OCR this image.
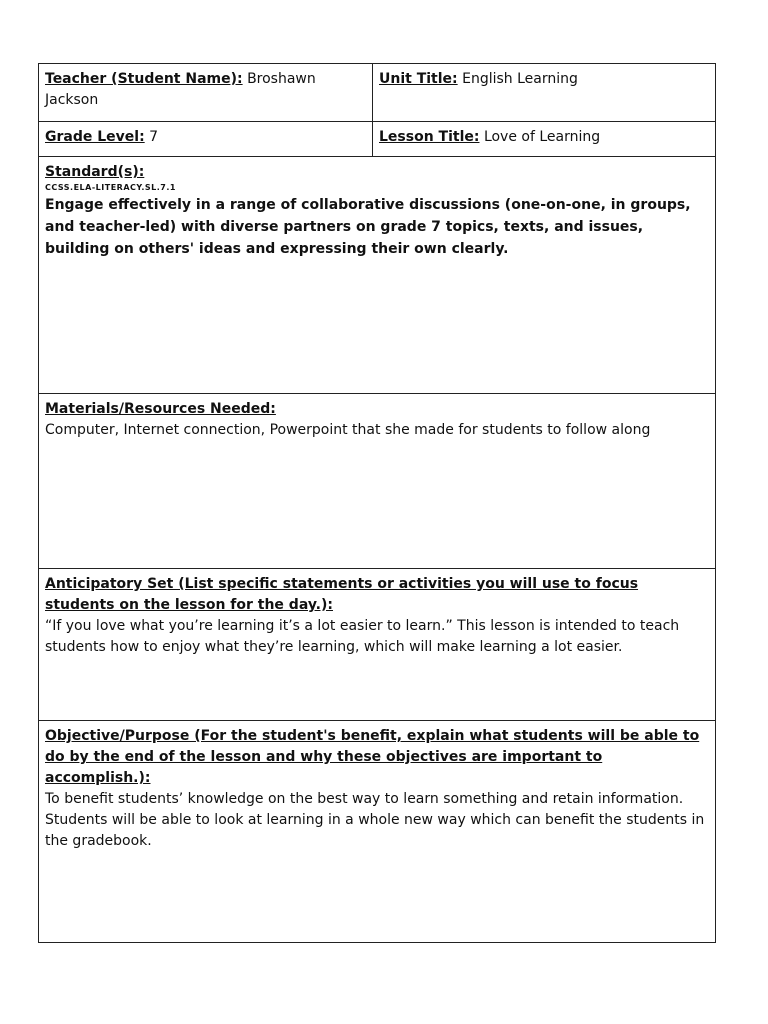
Teacher (Student Name): Broshawn Jackson	Unit Title: English Learning
Grade Level: 7	Lesson Title: Love of Learning

Standard(s):
CCSS.ELA-LITERACY.SL.7.1
Engage effectively in a range of collaborative discussions (one-on-one, in groups, and teacher-led) with diverse partners on grade 7 topics, texts, and issues, building on others' ideas and expressing their own clearly.	

Materials/Resources Needed:
Computer, Internet connection, Powerpoint that she made for students to follow along	

Anticipatory Set (List specific statements or activities you will use to focus students on the lesson for the day.):
“If you love what you’re learning it’s a lot easier to learn.” This lesson is intended to teach students how to enjoy what they’re learning, which will make learning a lot easier.	

Objective/Purpose (For the student's benefit, explain what students will be able to do by the end of the lesson and why these objectives are important to accomplish.):
To benefit students’ knowledge on the best way to learn something and retain information. Students will be able to look at learning in a whole new way which can benefit the students in the gradebook.	
